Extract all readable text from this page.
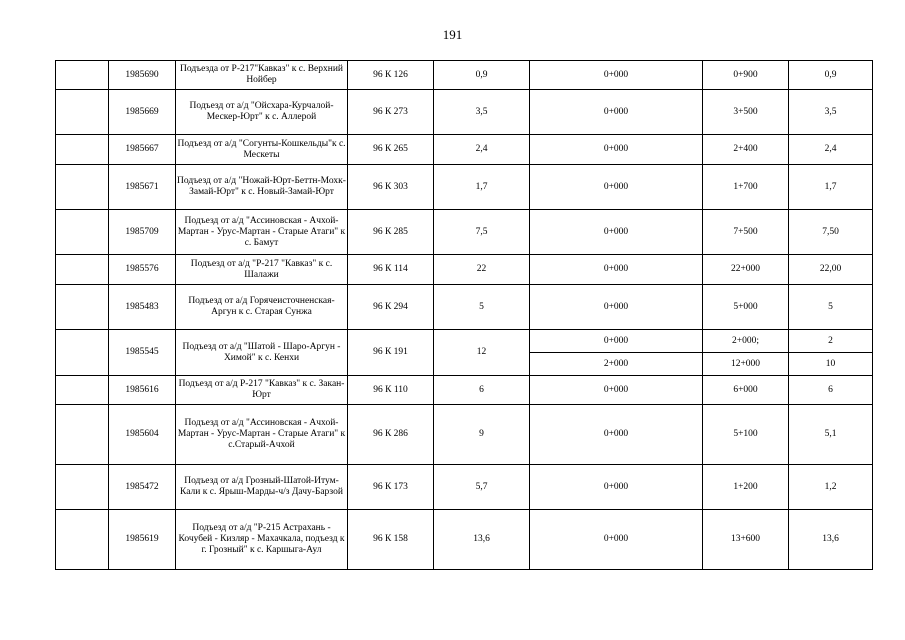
191
	1985690	Подъезда от Р-217"Кавказ" к с. Верхний Нойбер	96 К 126	0,9	0+000	0+900	0,9
	1985669	Подъезд от а/д "Ойсхара-Курчалой-Мескер-Юрт" к с. Аллерой	96 К 273	3,5	0+000	3+500	3,5
	1985667	Подъезд от а/д "Согунты-Кошкельды"к с. Мескеты	96 К 265	2,4	0+000	2+400	2,4
	1985671	Подъезд от а/д "Ножай-Юрт-Беттн-Мохк-Замай-Юрт" к с. Новый-Замай-Юрт	96 К 303	1,7	0+000	1+700	1,7
	1985709	Подъезд от а/д "Ассиновская - Ачхой-Мартан - Урус-Мартан - Старые Атаги" к с. Бамут	96 К 285	7,5	0+000	7+500	7,50
	1985576	Подъезд от а/д "Р-217 "Кавказ" к с. Шалажи	96 К 114	22	0+000	22+000	22,00
	1985483	Подъезд от а/д Горячеисточненская-Аргун к с. Старая Сунжа	96 К 294	5	0+000	5+000	5
	1985545	Подъезд от а/д "Шатой - Шаро-Аргун - Химой" к с. Кенхи	96 К 191	12	0+000	2+000;	2
					2+000	12+000	10
	1985616	Подъезд от а/д Р-217 "Кавказ" к с. Закан-Юрт	96 К 110	6	0+000	6+000	6
	1985604	Подъезд от а/д "Ассиновская - Ачхой-Мартан - Урус-Мартан - Старые Атаги" к с.Старый-Ачхой	96 К 286	9	0+000	5+100	5,1
	1985472	Подъезд от а/д Грозный-Шатой-Итум-Кали к с. Ярыш-Марды-ч/з Дачу-Барзой	96 К 173	5,7	0+000	1+200	1,2
	1985619	Подъезд от а/д "Р-215 Астрахань - Кочубей - Кизляр - Махачкала, подъезд к г. Грозный" к с. Каршыга-Аул	96 К 158	13,6	0+000	13+600	13,6
